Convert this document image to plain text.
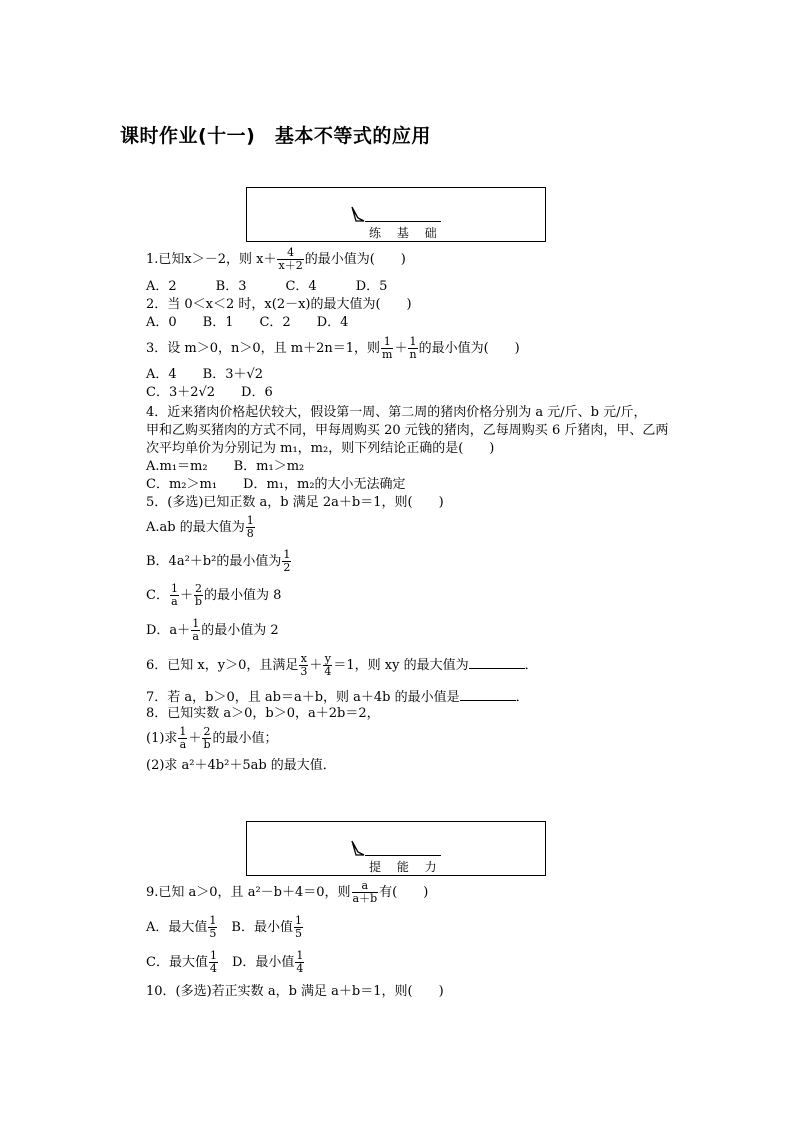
课时作业(十一)　基本不等式的应用
练 基 础
1.已知x＞－2，则 $x+ \frac{4}{x+2}$ 的最小值为(　　)
A．2　　　B．3　　　C．4　　　D．5
2．当 0＜x＜2 时，x(2－x)的最大值为(　　)
A．0　　B．1　　C．2　　D．4
3．设 m＞0，n＞0，且 m＋2n＝1，则 $\frac{1}{m} + \frac{1}{n}$ 的最小值为(　　)
A．4　　B．3＋√2
C．3＋2√2　　D．6
4．近来猪肉价格起伏较大，假设第一周、第二周的猪肉价格分别为 a 元/斤、b 元/斤，
甲和乙购买猪肉的方式不同，甲每周购买 20 元钱的猪肉，乙每周购买 6 斤猪肉，甲、乙两
次平均单价为分别记为 m₁，m₂，则下列结论正确的是(　　)
A.m₁＝m₂　　B．m₁＞m₂
C．m₂＞m₁　　D．m₁，m₂的大小无法确定
5．(多选)已知正数 a，b 满足 2a＋b＝1，则(　　)
A.ab 的最大值为 $\frac{1}{8}$
B．4a²＋b²的最小值为 $\frac{1}{2}$
C． $\frac{1}{a} + \frac{2}{b}$ 的最小值为 8
D．$a+ \frac{1}{a}$ 的最小值为 2
6．已知 x，y＞0，且满足 $\frac{x}{3} + \frac{y}{4} =1$，则 xy 的最大值为	．
7．若 a，b＞0，且 ab＝a＋b，则 a＋4b 的最小值是	．
8．已知实数 a＞0，b＞0，a＋2b＝2，
(1)求 $\frac{1}{a} + \frac{2}{b}$ 的最小值；
(2)求 a²＋4b²＋5ab 的最大值．
提 能 力
9.已知 a＞0，且 a²－b＋4＝0，则 $\frac{a}{a+b}$ 有(　　)
A．最大值 $\frac{1}{5}$ 　B．最小值 $\frac{1}{5}$
C．最大值 $\frac{1}{4}$ 　D．最小值 $\frac{1}{4}$
10．(多选)若正实数 a，b 满足 a＋b＝1，则(　　)
